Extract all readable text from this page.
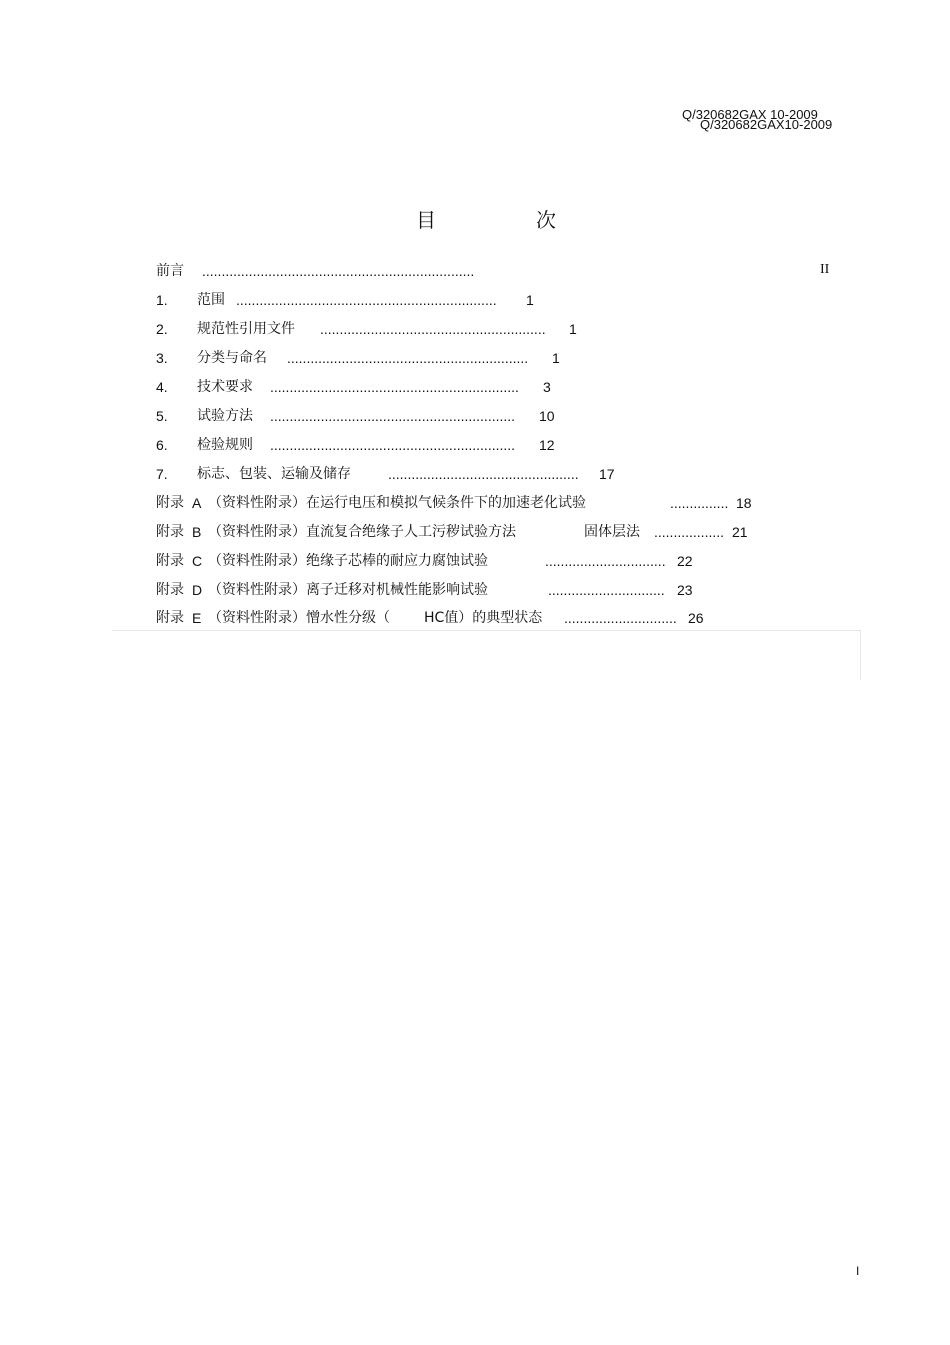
Q/320682GAX 10-2009
Q/320682GAX10-2009
目	次
前言 ......................................................................	II
1. 范围 ................................................................... 1
2. 规范性引用文件 .......................................................... 1
3. 分类与命名 .............................................................. 1
4. 技术要求 ................................................................ 3
5. 试验方法 ............................................................... 10
6. 检验规则 ............................................................... 12
7. 标志、包装、运输及储存	................................................. 17
附录 A （资料性附录）在运行电压和模拟气候条件下的加速老化试验	............... 18
附录 B （资料性附录）直流复合绝缘子人工污秽试验方法	固体层法 .................. 21
附录 C （资料性附录）绝缘子芯棒的耐应力腐蚀试验	............................... 22
附录 D （资料性附录）离子迁移对机械性能影响试验	.............................. 23
附录 E （资料性附录）憎水性分级（ HC值）的典型状态 ............................. 26
I
